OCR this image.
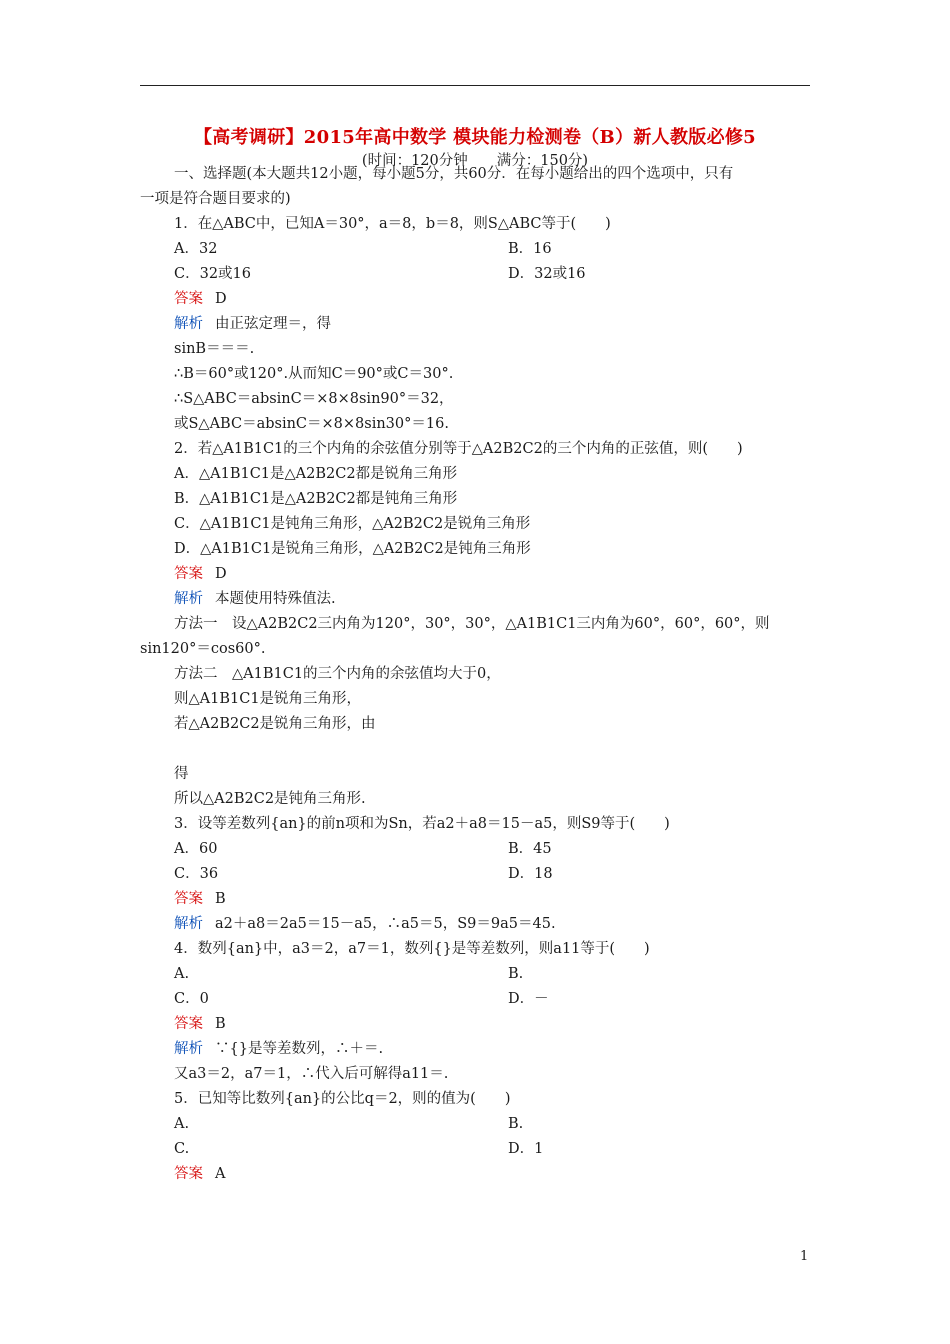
【高考调研】2015年高中数学 模块能力检测卷（B）新人教版必修5
(时间：120分钟　　满分：150分)
一、选择题(本大题共12小题，每小题5分，共60分．在每小题给出的四个选项中，只有
一项是符合题目要求的)
1．在△ABC中，已知A＝30°，a＝8，b＝8，则S△ABC等于(　　)
A．32	B．16
C．32或16	D．32或16
答案 D
解析 由正弦定理＝，得
sinB＝＝＝.
∴B＝60°或120°.从而知C＝90°或C＝30°.
∴S△ABC＝absinC＝×8×8sin90°＝32，
或S△ABC＝absinC＝×8×8sin30°＝16.
2．若△A1B1C1的三个内角的余弦值分别等于△A2B2C2的三个内角的正弦值，则(　　)
A．△A1B1C1是△A2B2C2都是锐角三角形
B．△A1B1C1是△A2B2C2都是钝角三角形
C．△A1B1C1是钝角三角形，△A2B2C2是锐角三角形
D．△A1B1C1是锐角三角形，△A2B2C2是钝角三角形
答案 D
解析 本题使用特殊值法.
方法一　设△A2B2C2三内角为120°，30°，30°，△A1B1C1三内角为60°，60°，60°，则
sin120°＝cos60°.
方法二　△A1B1C1的三个内角的余弦值均大于0，
则△A1B1C1是锐角三角形，
若△A2B2C2是锐角三角形，由
得
所以△A2B2C2是钝角三角形.
3．设等差数列{an}的前n项和为Sn，若a2＋a8＝15－a5，则S9等于(　　)
A．60	B．45
C．36	D．18
答案 B
解析 a2＋a8＝2a5＝15－a5，∴a5＝5，S9＝9a5＝45.
4．数列{an}中，a3＝2，a7＝1，数列{}是等差数列，则a11等于(　　)
A.	B.
C．0	D．－
答案 B
解析 ∵{}是等差数列，∴＋＝.
又a3＝2，a7＝1，∴代入后可解得a11＝.
5．已知等比数列{an}的公比q＝2，则的值为(　　)
A.	B.
C.	D．1
答案 A
1
